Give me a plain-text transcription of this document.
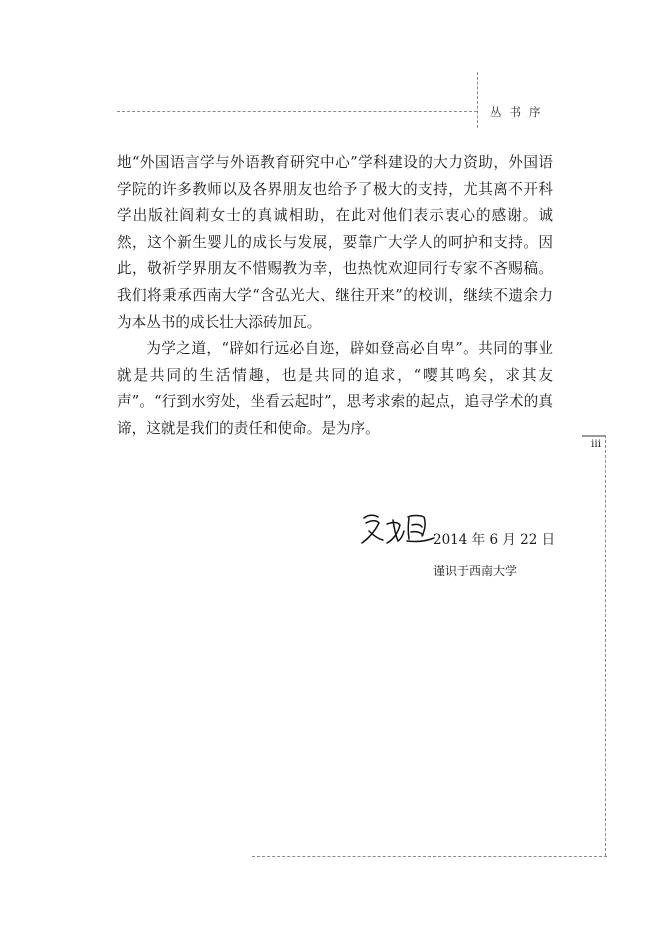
丛书序

地“外国语言学与外语教育研究中心”学科建设的大力资助，外国语学院的许多教师以及各界朋友也给予了极大的支持，尤其离不开科学出版社阎莉女士的真诚相助，在此对他们表示衷心的感谢。诚然，这个新生婴儿的成长与发展，要靠广大学人的呵护和支持。因此，敬祈学界朋友不惜赐教为幸，也热忱欢迎同行专家不吝赐稿。我们将秉承西南大学“含弘光大、继往开来”的校训，继续不遗余力为本丛书的成长壮大添砖加瓦。

为学之道，“辟如行远必自迩，辟如登高必自卑”。共同的事业就是共同的生活情趣，也是共同的追求，“嘤其鸣矣，求其友声”。“行到水穷处，坐看云起时”，思考求索的起点，追寻学术的真谛，这就是我们的责任和使命。是为序。

2014 年 6 月 22 日
谨识于西南大学
iii
